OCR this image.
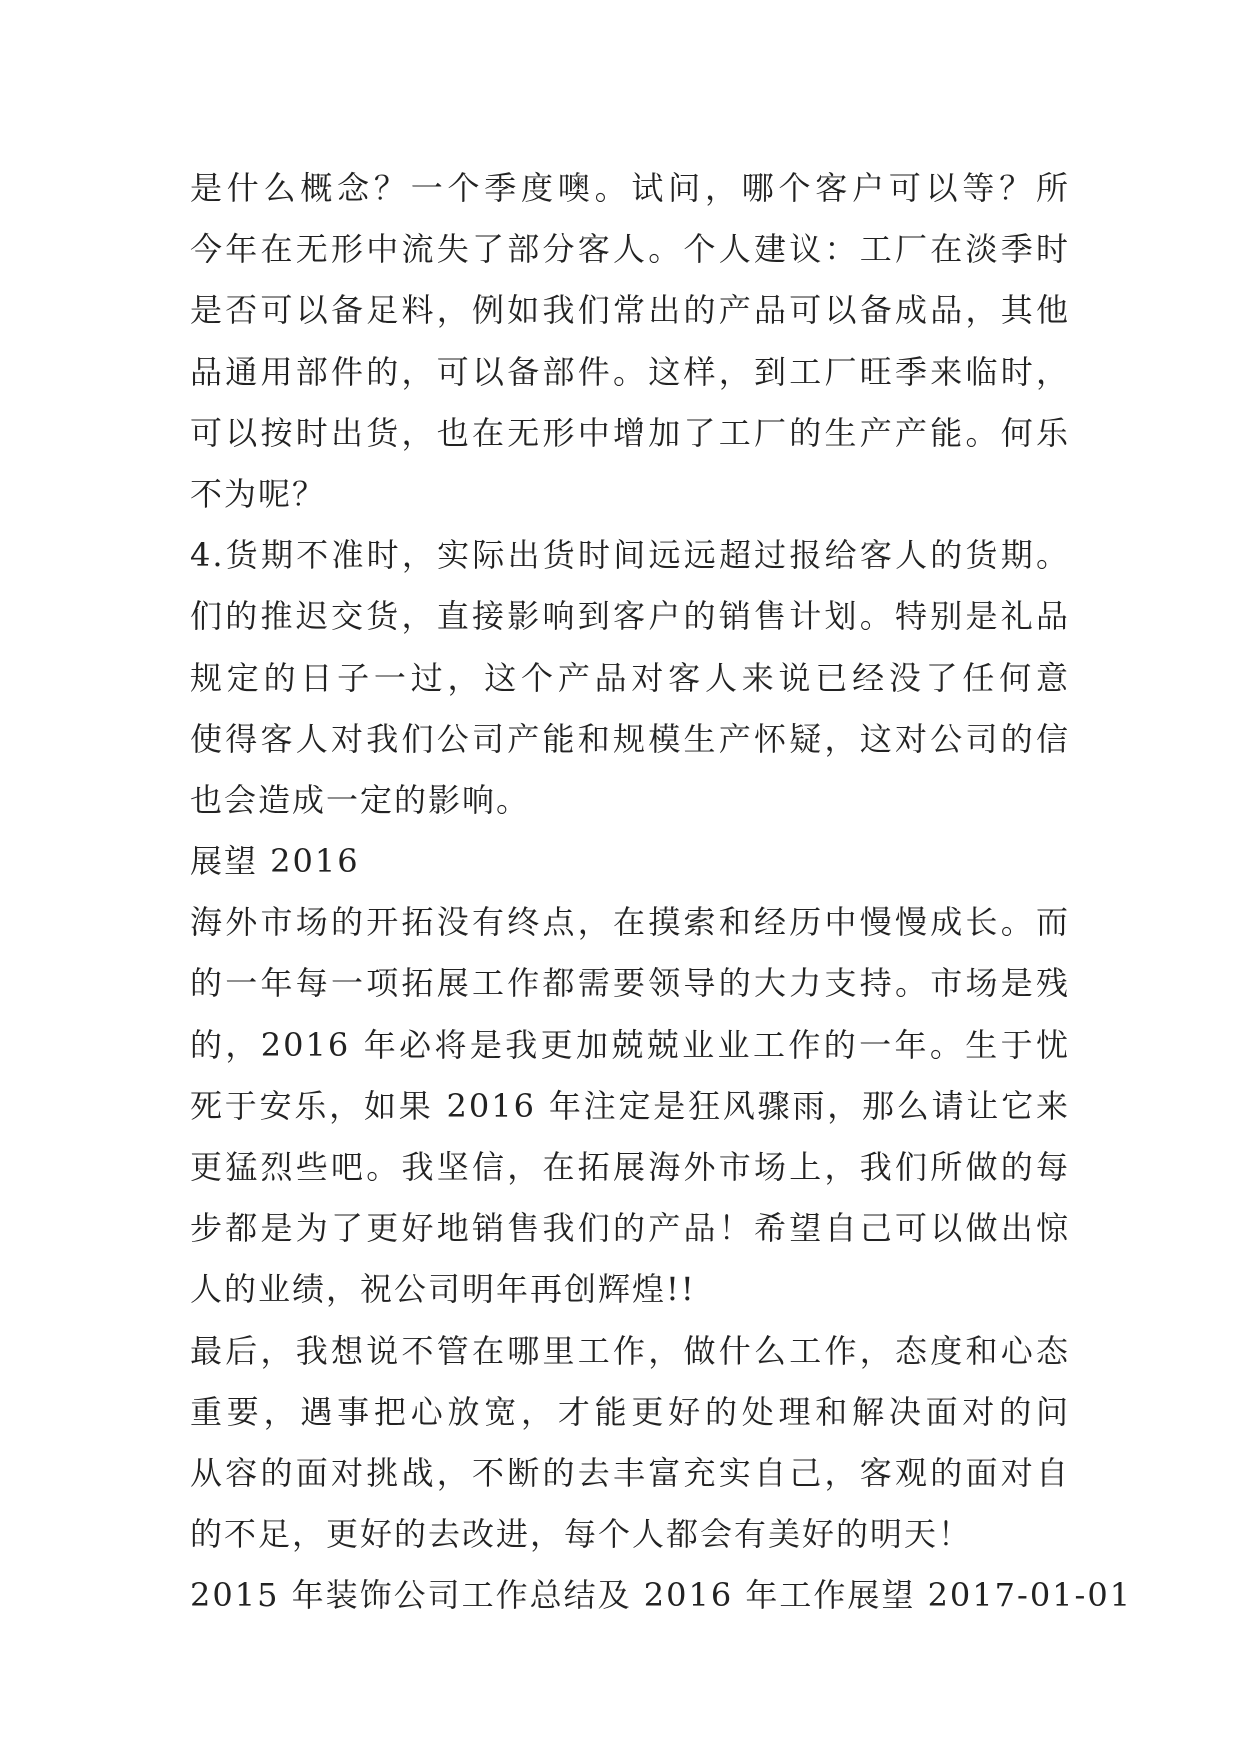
是什么概念？一个季度噢。试问，哪个客户可以等？所
今年在无形中流失了部分客人。个人建议：工厂在淡季时
是否可以备足料，例如我们常出的产品可以备成品，其他
品通用部件的，可以备部件。这样，到工厂旺季来临时，
可以按时出货，也在无形中增加了工厂的生产产能。何乐
不为呢？
4.货期不准时，实际出货时间远远超过报给客人的货期。
们的推迟交货，直接影响到客户的销售计划。特别是礼品
规定的日子一过，这个产品对客人来说已经没了任何意
使得客人对我们公司产能和规模生产怀疑，这对公司的信
也会造成一定的影响。
展望 2016
海外市场的开拓没有终点，在摸索和经历中慢慢成长。而
的一年每一项拓展工作都需要领导的大力支持。市场是残
的，2016 年必将是我更加兢兢业业工作的一年。生于忧
死于安乐，如果 2016 年注定是狂风骤雨，那么请让它来
更猛烈些吧。我坚信，在拓展海外市场上，我们所做的每
步都是为了更好地销售我们的产品！希望自己可以做出惊
人的业绩，祝公司明年再创辉煌!!
最后，我想说不管在哪里工作，做什么工作，态度和心态
重要，遇事把心放宽，才能更好的处理和解决面对的问
从容的面对挑战，不断的去丰富充实自己，客观的面对自
的不足，更好的去改进，每个人都会有美好的明天！
2015 年装饰公司工作总结及 2016 年工作展望 2017-01-01
